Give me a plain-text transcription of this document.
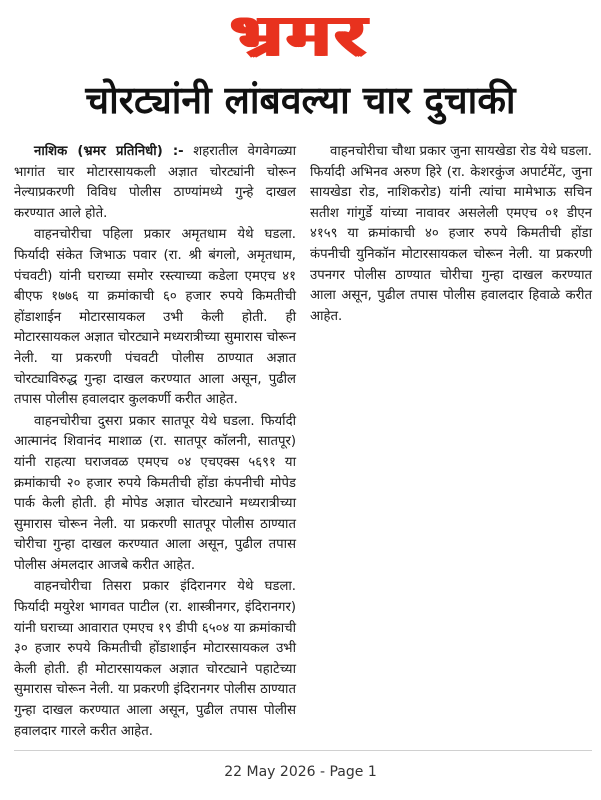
भ्रमर
चोरट्यांनी लांबवल्या चार दुचाकी

नाशिक (भ्रमर प्रतिनिधी) :- शहरातील वेगवेगळ्या भागांत चार मोटारसायकली अज्ञात चोरट्यांनी चोरून नेल्याप्रकरणी विविध पोलीस ठाण्यांमध्ये गुन्हे दाखल करण्यात आले होते.

वाहनचोरीचा पहिला प्रकार अमृतधाम येथे घडला. फिर्यादी संकेत जिभाऊ पवार (रा. श्री बंगलो, अमृतधाम, पंचवटी) यांनी घराच्या समोर रस्त्याच्या कडेला एमएच ४१ बीएफ १७७६ या क्रमांकाची ६० हजार रुपये किमतीची होंडाशाईन मोटारसायकल उभी केली होती. ही मोटारसायकल अज्ञात चोरट्याने मध्यरात्रीच्या सुमारास चोरून नेली. या प्रकरणी पंचवटी पोलीस ठाण्यात अज्ञात चोरट्याविरुद्ध गुन्हा दाखल करण्यात आला असून, पुढील तपास पोलीस हवालदार कुलकर्णी करीत आहेत.

वाहनचोरीचा दुसरा प्रकार सातपूर येथे घडला. फिर्यादी आत्मानंद शिवानंद माशाळ (रा. सातपूर कॉलनी, सातपूर) यांनी राहत्या घराजवळ एमएच ०४ एचएक्स ५६९१ या क्रमांकाची २० हजार रुपये किमतीची होंडा कंपनीची मोपेड पार्क केली होती. ही मोपेड अज्ञात चोरट्याने मध्यरात्रीच्या सुमारास चोरून नेली. या प्रकरणी सातपूर पोलीस ठाण्यात चोरीचा गुन्हा दाखल करण्यात आला असून, पुढील तपास पोलीस अंमलदार आजबे करीत आहेत.

वाहनचोरीचा तिसरा प्रकार इंदिरानगर येथे घडला. फिर्यादी मयुरेश भागवत पाटील (रा. शास्त्रीनगर, इंदिरानगर) यांनी घराच्या आवारात एमएच १९ डीपी ६५०४ या क्रमांकाची ३० हजार रुपये किमतीची होंडाशाईन मोटारसायकल उभी केली होती. ही मोटारसायकल अज्ञात चोरट्याने पहाटेच्या सुमारास चोरून नेली. या प्रकरणी इंदिरानगर पोलीस ठाण्यात गुन्हा दाखल करण्यात आला असून, पुढील तपास पोलीस हवालदार गारले करीत आहेत.

वाहनचोरीचा चौथा प्रकार जुना सायखेडा रोड येथे घडला. फिर्यादी अभिनव अरुण हिरे (रा. केशरकुंज अपार्टमेंट, जुना सायखेडा रोड, नाशिकरोड) यांनी त्यांचा मामेभाऊ सचिन सतीश गांगुर्डे यांच्या नावावर असलेली एमएच ०१ डीएन ४१५९ या क्रमांकाची ४० हजार रुपये किमतीची होंडा कंपनीची युनिकॉन मोटारसायकल चोरून नेली. या प्रकरणी उपनगर पोलीस ठाण्यात चोरीचा गुन्हा दाखल करण्यात आला असून, पुढील तपास पोलीस हवालदार हिवाळे करीत आहेत.

22 May 2026 - Page 1
